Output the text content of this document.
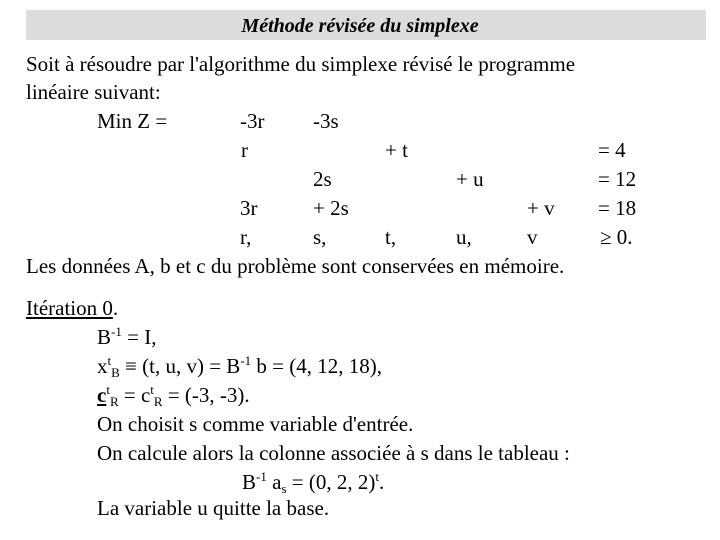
Méthode révisée du simplexe
Soit à résoudre par l'algorithme du simplexe révisé le programme
linéaire suivant:
Min Z =	-3r -3s
r	+ t	= 4
2s	+ u	= 12
3r	+ 2s	+ v = 18
r,	s,	t,	u,	v	≥ 0.
Les données A, b et c du problème sont conservées en mémoire.
Itération 0.
$B^{-1} = I$,
$x^t_B \equiv (t$, u, $v) = B^{-1}$ b = (4, 12, 18),
$c^t_R = c^t_R = (-3$, -3).
On choisit s comme variable d'entrée.
On calcule alors la colonne associée à s dans le tableau :
$B^{-1}$ $a_s = (0$, 2, 2)$^t$.
La variable u quitte la base.
